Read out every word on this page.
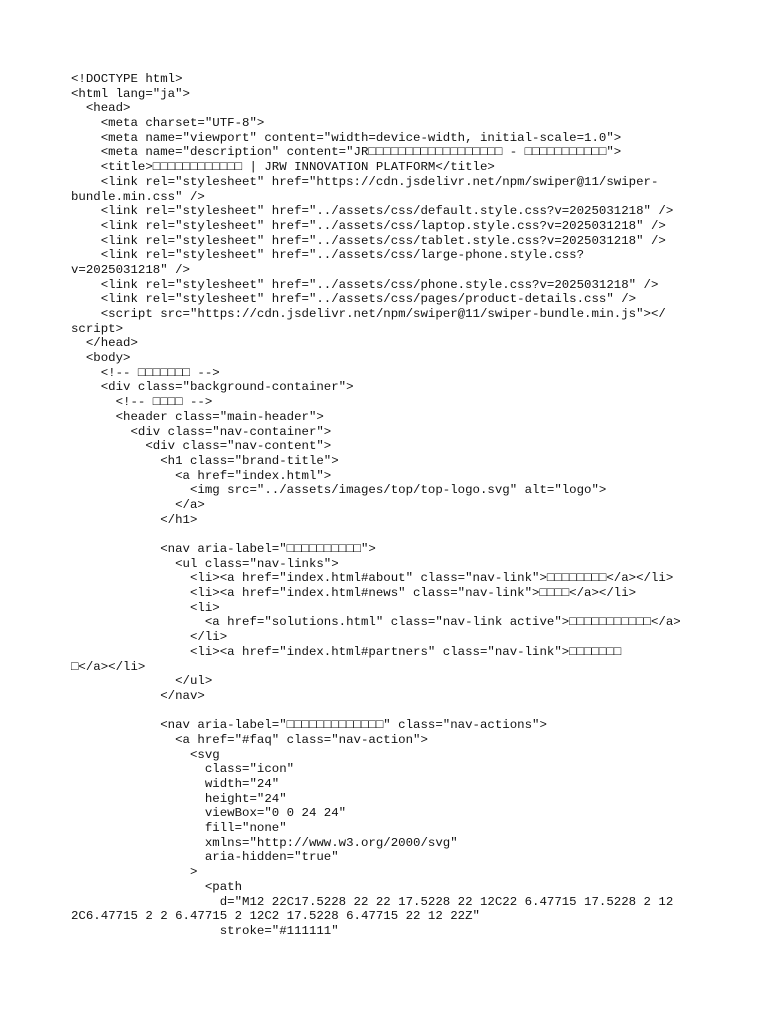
<!DOCTYPE html>
<html lang="ja">
<head>
<meta charset="UTF-8">
<meta name="viewport" content="width=device-width, initial-scale=1.0">
<meta name="description" content="JR□□□□□□□□□□□□□□□□□□ - □□□□□□□□□□□">
<title>□□□□□□□□□□□□ | JRW INNOVATION PLATFORM</title>
<link rel="stylesheet" href="https://cdn.jsdelivr.net/npm/swiper@11/swiper-
bundle.min.css" />
<link rel="stylesheet" href="../assets/css/default.style.css?v=2025031218" />
<link rel="stylesheet" href="../assets/css/laptop.style.css?v=2025031218" />
<link rel="stylesheet" href="../assets/css/tablet.style.css?v=2025031218" />
<link rel="stylesheet" href="../assets/css/large-phone.style.css?
v=2025031218" />
<link rel="stylesheet" href="../assets/css/phone.style.css?v=2025031218" />
<link rel="stylesheet" href="../assets/css/pages/product-details.css" />
<script src="https://cdn.jsdelivr.net/npm/swiper@11/swiper-bundle.min.js"></
script>
</head>
<body>
<!-- □□□□□□□ -->
<div class="background-container">
<!-- □□□□ -->
<header class="main-header">
<div class="nav-container">
<div class="nav-content">
<h1 class="brand-title">
<a href="index.html">
<img src="../assets/images/top/top-logo.svg" alt="logo">
</a>
</h1>
<nav aria-label="□□□□□□□□□□">
<ul class="nav-links">
<li><a href="index.html#about" class="nav-link">□□□□□□□□</a></li>
<li><a href="index.html#news" class="nav-link">□□□□</a></li>
<li>
<a href="solutions.html" class="nav-link active">□□□□□□□□□□□</a>
</li>
<li><a href="index.html#partners" class="nav-link">□□□□□□□
□</a></li>
</ul>
</nav>
<nav aria-label="□□□□□□□□□□□□□" class="nav-actions">
<a href="#faq" class="nav-action">
<svg
class="icon"
width="24"
height="24"
viewBox="0 0 24 24"
fill="none"
xmlns="http://www.w3.org/2000/svg"
aria-hidden="true"
>
<path
d="M12 22C17.5228 22 22 17.5228 22 12C22 6.47715 17.5228 2 12
2C6.47715 2 2 6.47715 2 12C2 17.5228 6.47715 22 12 22Z"
stroke="#111111"
